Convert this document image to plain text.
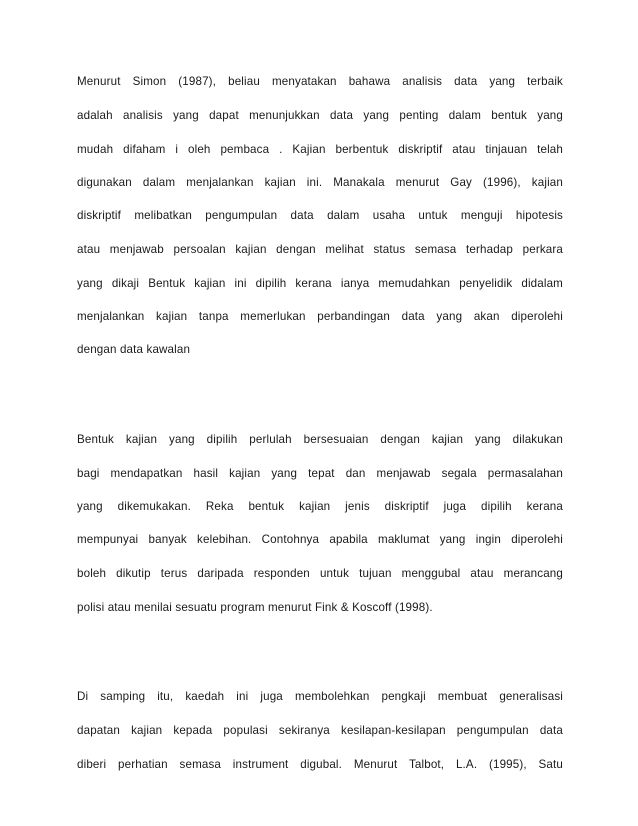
Menurut Simon (1987), beliau menyatakan bahawa analisis data yang terbaik
adalah analisis yang dapat menunjukkan data yang penting dalam bentuk yang
mudah difaham i oleh pembaca . Kajian berbentuk diskriptif atau tinjauan telah
digunakan dalam menjalankan kajian ini. Manakala menurut Gay (1996), kajian
diskriptif melibatkan pengumpulan data dalam usaha untuk menguji hipotesis
atau menjawab persoalan kajian dengan melihat status semasa terhadap perkara
yang dikaji Bentuk kajian ini dipilih kerana ianya memudahkan penyelidik didalam
menjalankan kajian tanpa memerlukan perbandingan data yang akan diperolehi
dengan data kawalan
Bentuk kajian yang dipilih perlulah bersesuaian dengan kajian yang dilakukan
bagi mendapatkan hasil kajian yang tepat dan menjawab segala permasalahan
yang dikemukakan. Reka bentuk kajian jenis diskriptif juga dipilih kerana
mempunyai banyak kelebihan. Contohnya apabila maklumat yang ingin diperolehi
boleh dikutip terus daripada responden untuk tujuan menggubal atau merancang
polisi atau menilai sesuatu program menurut Fink & Koscoff (1998).
Di samping itu, kaedah ini juga membolehkan pengkaji membuat generalisasi
dapatan kajian kepada populasi sekiranya kesilapan-kesilapan pengumpulan data
diberi perhatian semasa instrument digubal. Menurut Talbot, L.A. (1995), Satu
